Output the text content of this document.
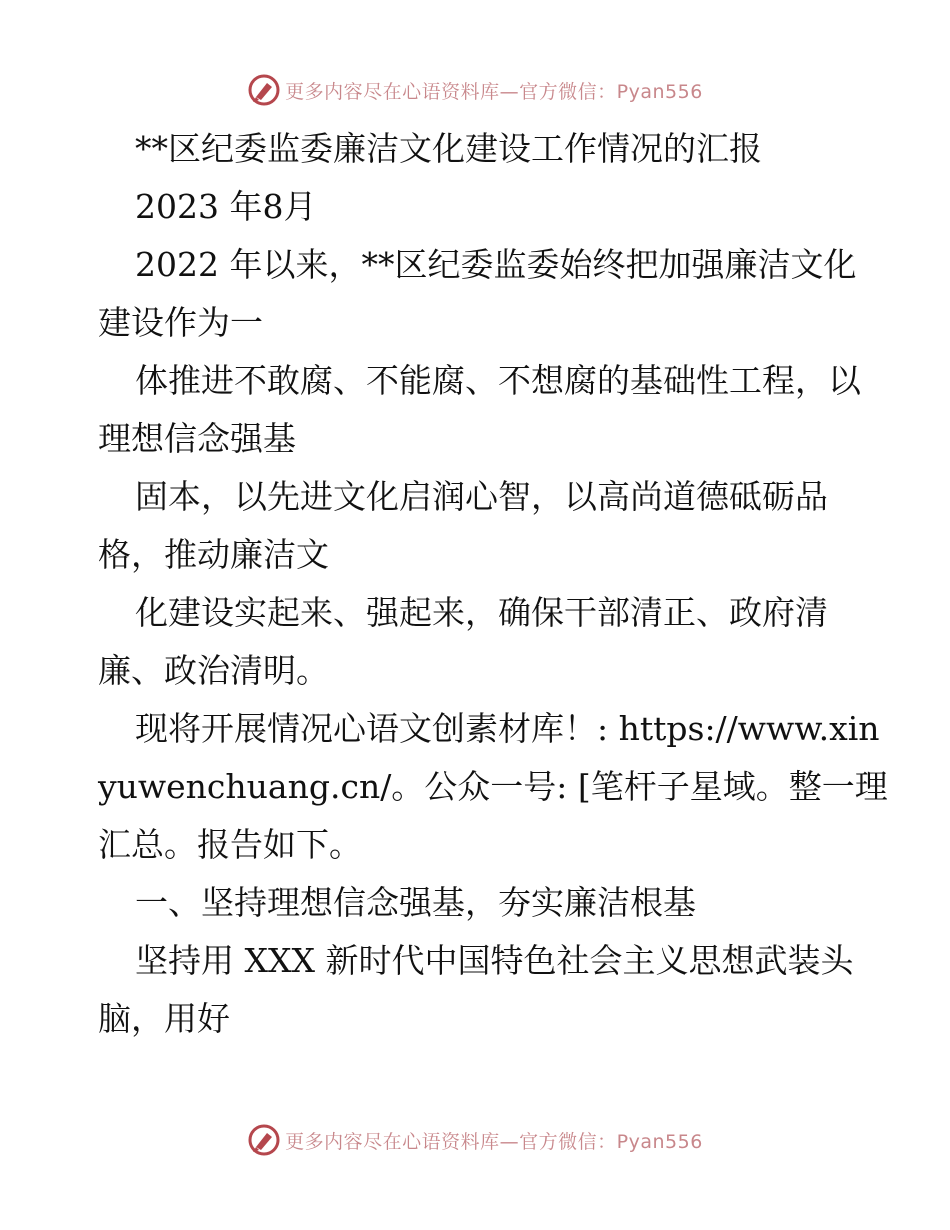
更多内容尽在心语资料库—官方微信：Pyan556

**区纪委监委廉洁文化建设工作情况的汇报

2023 年8月

2022 年以来，**区纪委监委始终把加强廉洁文化建设作为一

体推进不敢腐、不能腐、不想腐的基础性工程，以理想信念强基

固本，以先进文化启润心智，以高尚道德砥砺品格，推动廉洁文

化建设实起来、强起来，确保干部清正、政府清廉、政治清明。

现将开展情况心语文创素材库！: https://www.xinyuwenchuang.cn/。公众一号: [笔杆子星域。整一理汇总。报告如下。

一、坚持理想信念强基，夯实廉洁根基

坚持用 XXX 新时代中国特色社会主义思想武装头脑，用好

更多内容尽在心语资料库—官方微信：Pyan556
